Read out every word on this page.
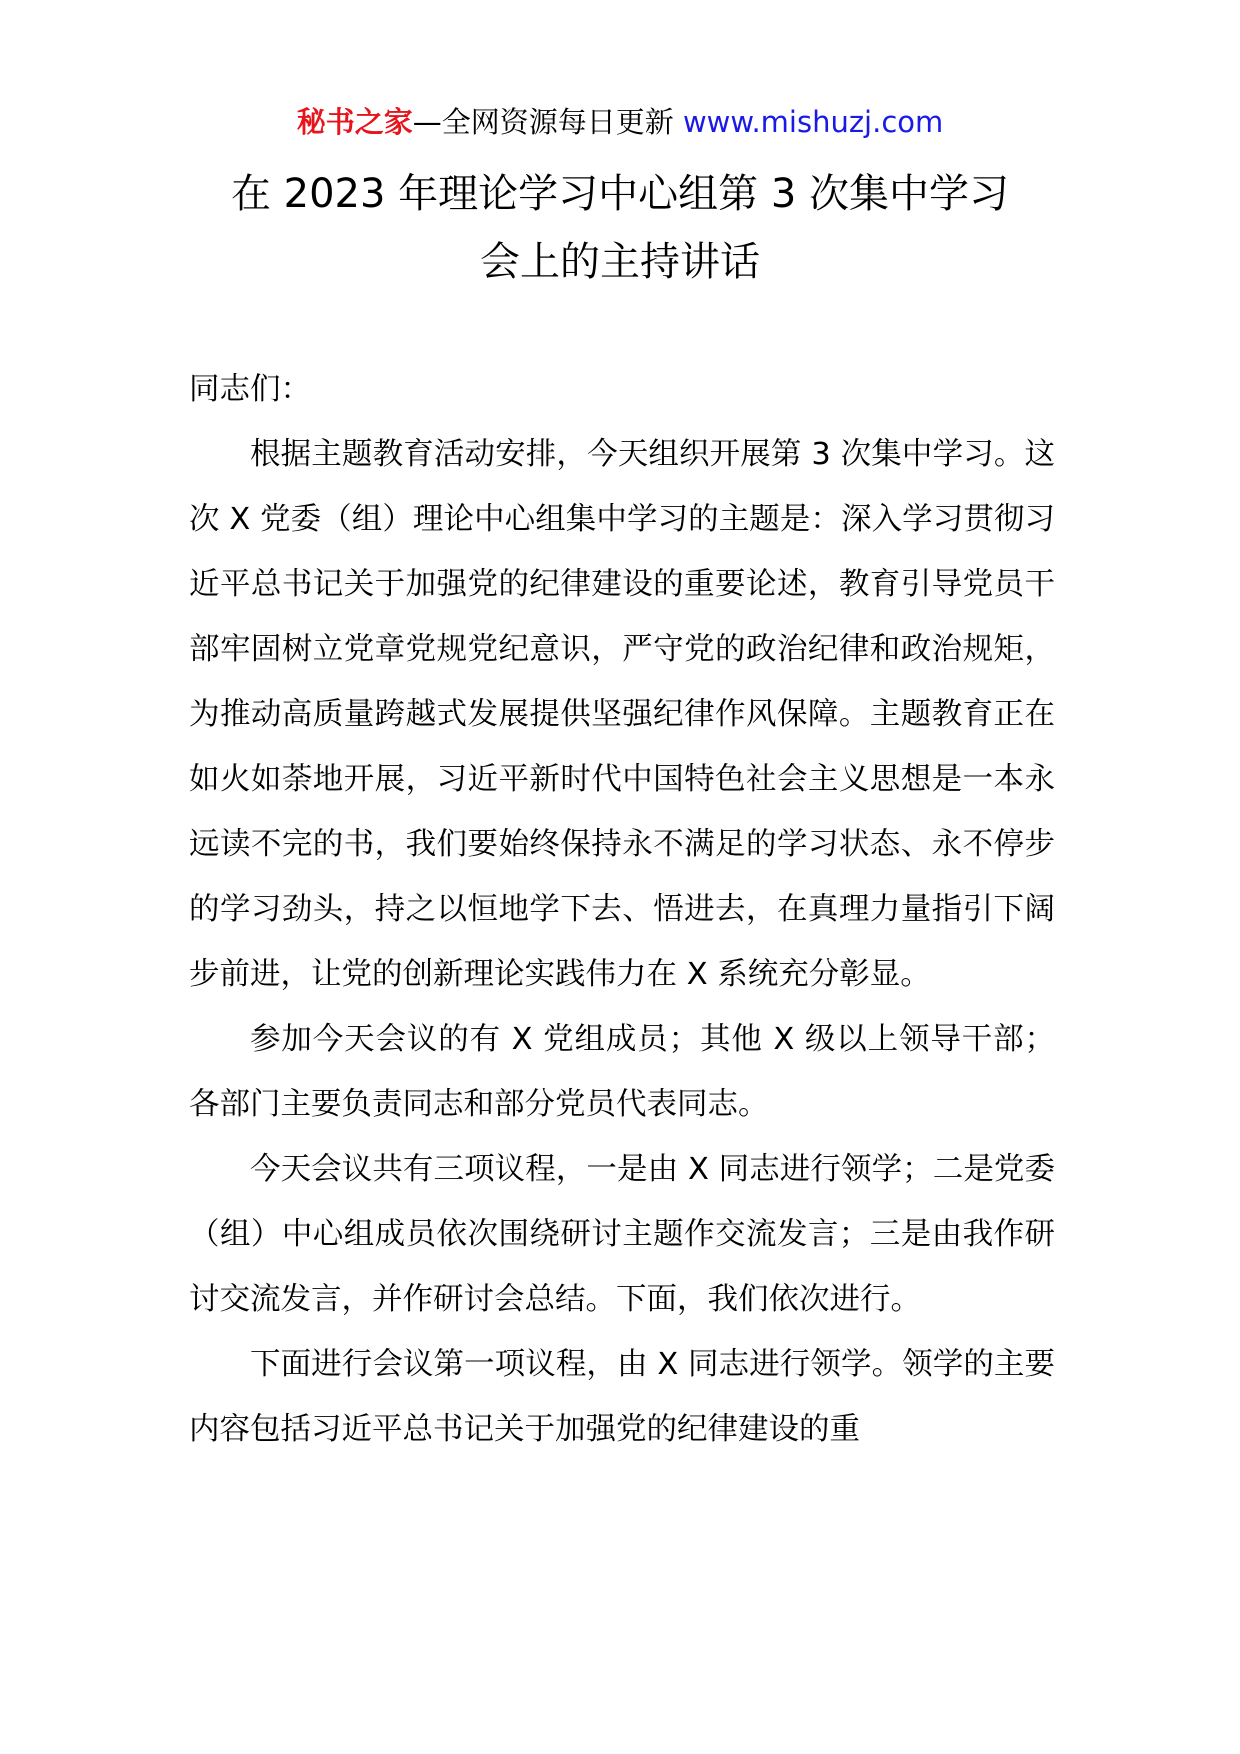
秘书之家—全网资源每日更新 www.mishuzj.com
在 2023 年理论学习中心组第 3 次集中学习
会上的主持讲话

同志们：

根据主题教育活动安排，今天组织开展第 3 次集中学习。这次 X 党委（组）理论中心组集中学习的主题是：深入学习贯彻习近平总书记关于加强党的纪律建设的重要论述，教育引导党员干部牢固树立党章党规党纪意识，严守党的政治纪律和政治规矩，为推动高质量跨越式发展提供坚强纪律作风保障。主题教育正在如火如荼地开展，习近平新时代中国特色社会主义思想是一本永远读不完的书，我们要始终保持永不满足的学习状态、永不停步的学习劲头，持之以恒地学下去、悟进去，在真理力量指引下阔步前进，让党的创新理论实践伟力在 X 系统充分彰显。

参加今天会议的有 X 党组成员；其他 X 级以上领导干部；各部门主要负责同志和部分党员代表同志。

今天会议共有三项议程，一是由 X 同志进行领学；二是党委（组）中心组成员依次围绕研讨主题作交流发言；三是由我作研讨交流发言，并作研讨会总结。下面，我们依次进行。

下面进行会议第一项议程，由 X 同志进行领学。领学的主要内容包括习近平总书记关于加强党的纪律建设的重
